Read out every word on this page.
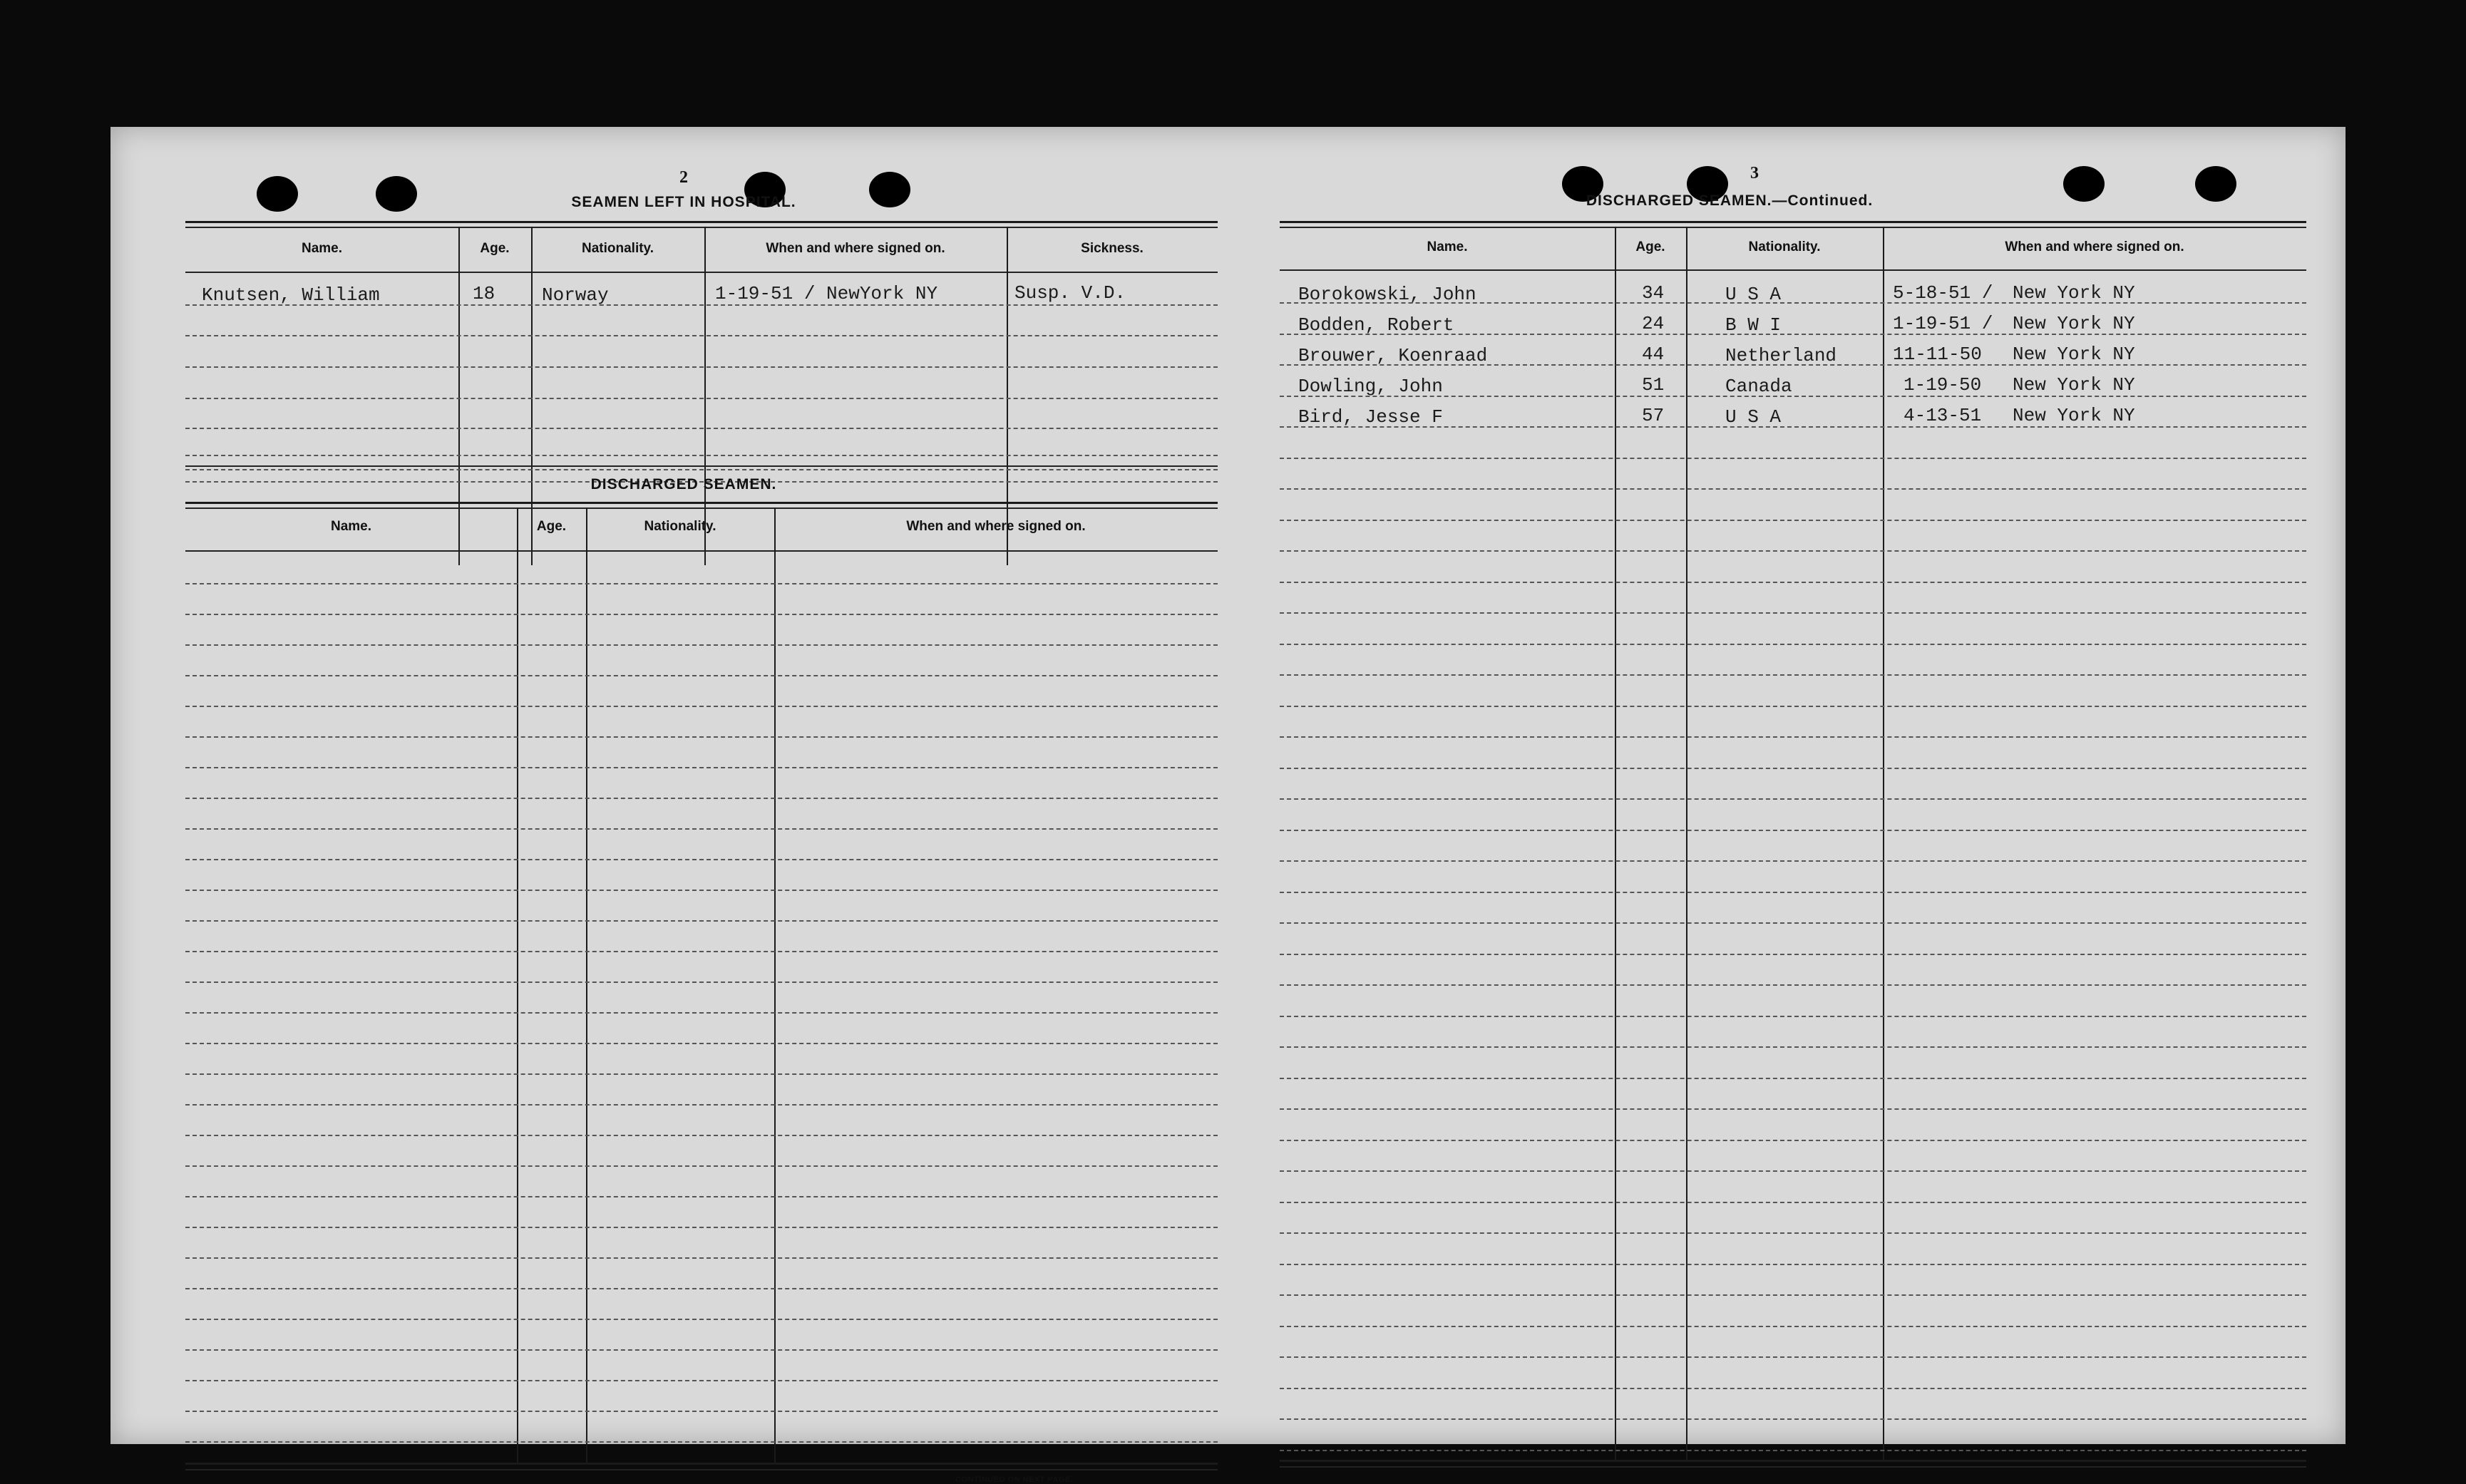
2
SEAMEN LEFT IN HOSPITAL.
Name.	Age.	Nationality.	When and where signed on.	Sickness.
Knutsen, William	18	Norway	1-19-51 / NewYork NY	Susp. V.D.
DISCHARGED SEAMEN.
Name.	Age.	Nationality.	When and where signed on.
CONTINUED ON NEXT PAGE.
3
DISCHARGED SEAMEN.—Continued.
Name.	Age.	Nationality.	When and where signed on.
Borokowski, John	34	U S A	5-18-51 / New York NY
Bodden, Robert	24	B W I	1-19-51 / New York NY
Brouwer, Koenraad	44	Netherland	11-11-50 New York NY
Dowling, John	51	Canada	1-19-50 New York NY
Bird, Jesse F	57	U S A	4-13-51 New York NY
